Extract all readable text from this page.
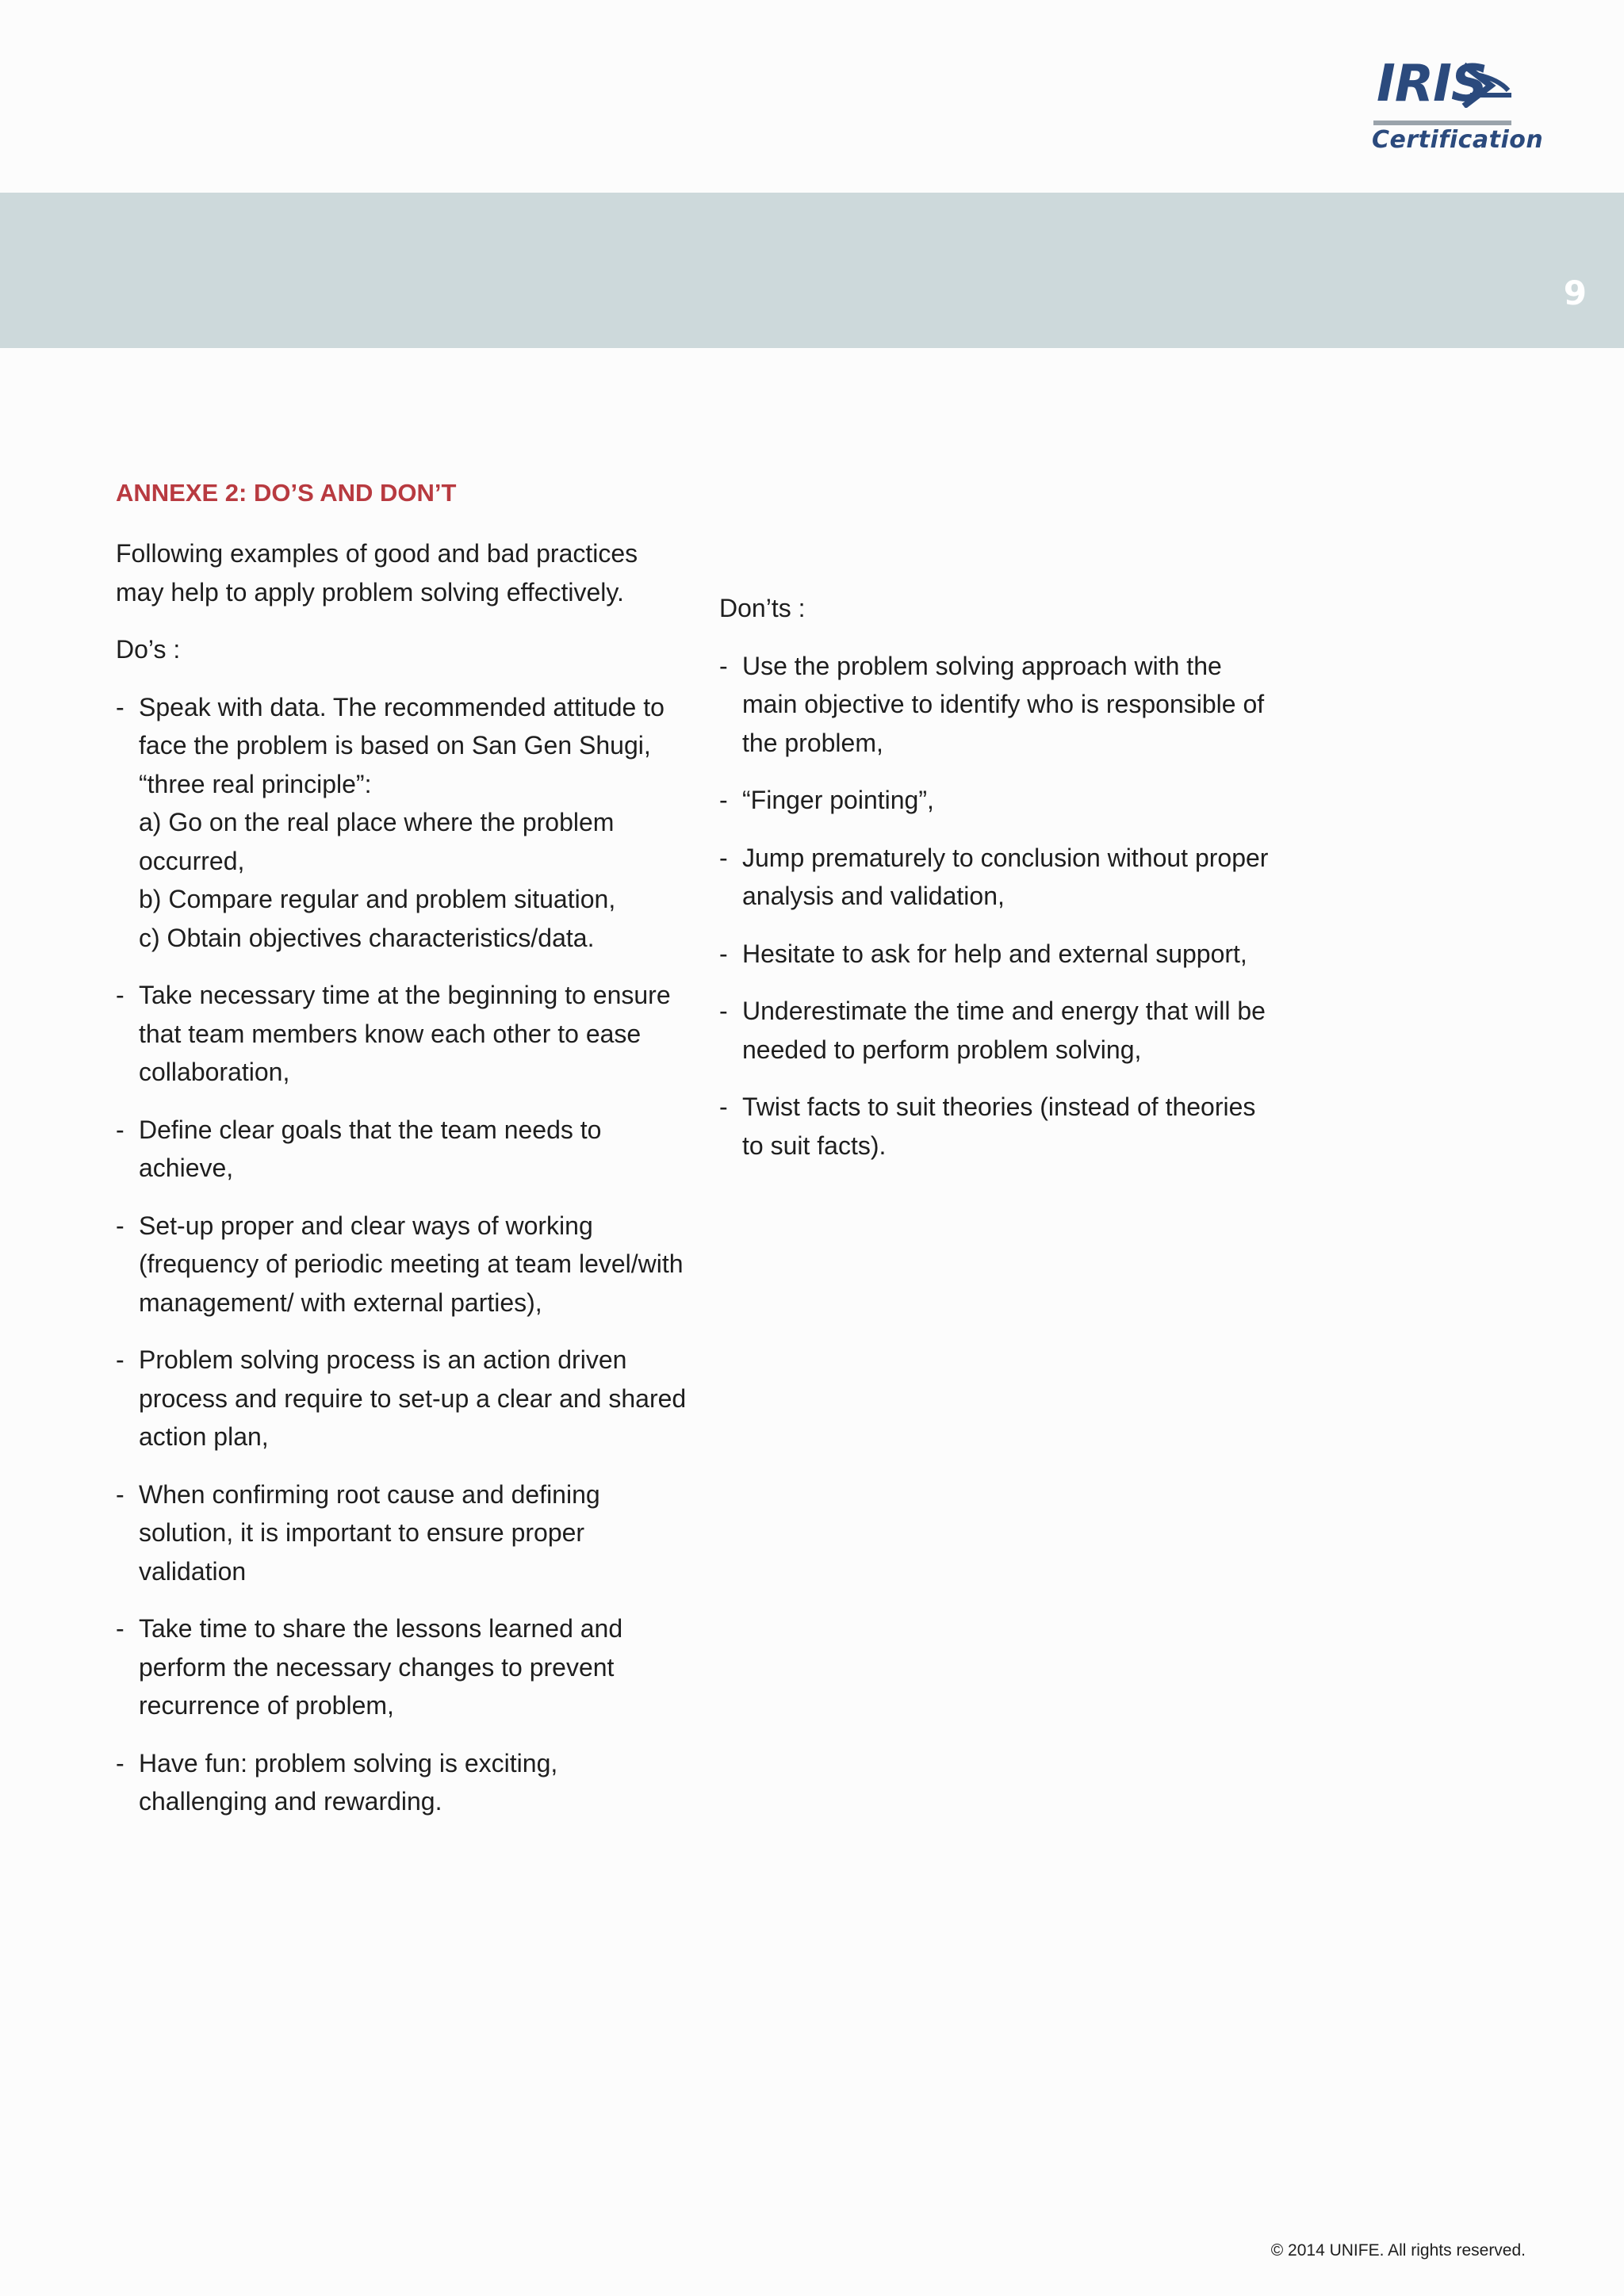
IRIS
Certification
9
ANNEXE 2: DO’S AND DON’T

Following examples of good and bad practices may help to apply problem solving effectively.

Do’s :

- Speak with data. The recommended attitude to face the problem is based on San Gen Shugi, “three real principle”:
a) Go on the real place where the problem occurred,
b) Compare regular and problem situation,
c) Obtain objectives characteristics/data.
- Take necessary time at the beginning to ensure that team members know each other to ease collaboration,
- Define clear goals that the team needs to achieve,
- Set-up proper and clear ways of working (frequency of periodic meeting at team level/with management/ with external parties),
- Problem solving process is an action driven process and require to set-up a clear and shared action plan,
- When confirming root cause and defining solution, it is important to ensure proper validation
- Take time to share the lessons learned and perform the necessary changes to prevent recurrence of problem,
- Have fun: problem solving is exciting, challenging and rewarding.

Don’ts :

- Use the problem solving approach with the main objective to identify who is responsible of the problem,
- “Finger pointing”,
- Jump prematurely to conclusion without proper analysis and validation,
- Hesitate to ask for help and external support,
- Underestimate the time and energy that will be needed to perform problem solving,
- Twist facts to suit theories (instead of theories to suit facts).
© 2014 UNIFE. All rights reserved.
